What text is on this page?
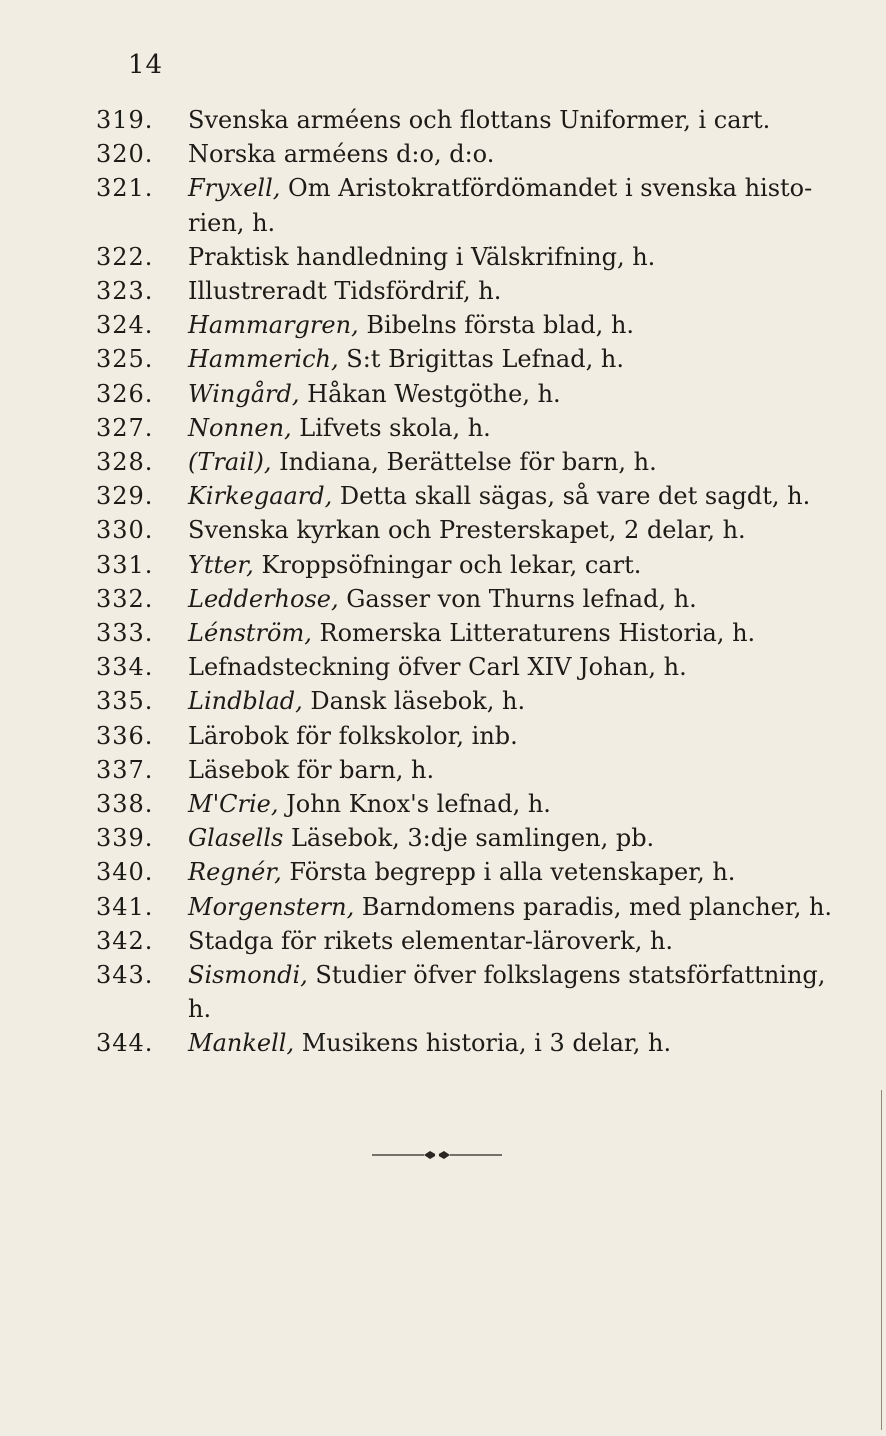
14
319.	Svenska arméens och flottans Uniformer, i cart.
320.	Norska arméens d:o, d:o.
321.	Fryxell, Om Aristokratfördömandet i svenska histo-
rien, h.
322.	Praktisk handledning i Välskrifning, h.
323.	Illustreradt Tidsfördrif, h.
324.	Hammargren, Bibelns första blad, h.
325.	Hammerich, S:t Brigittas Lefnad, h.
326.	Wingård, Håkan Westgöthe, h.
327.	Nonnen, Lifvets skola, h.
328.	(Trail), Indiana, Berättelse för barn, h.
329.	Kirkegaard, Detta skall sägas, så vare det sagdt, h.
330.	Svenska kyrkan och Presterskapet, 2 delar, h.
331.	Ytter, Kroppsöfningar och lekar, cart.
332.	Ledderhose, Gasser von Thurns lefnad, h.
333.	Lénström, Romerska Litteraturens Historia, h.
334.	Lefnadsteckning öfver Carl XIV Johan, h.
335.	Lindblad, Dansk läsebok, h.
336.	Lärobok för folkskolor, inb.
337.	Läsebok för barn, h.
338.	M'Crie, John Knox's lefnad, h.
339.	Glasells Läsebok, 3:dje samlingen, pb.
340.	Regnér, Första begrepp i alla vetenskaper, h.
341.	Morgenstern, Barndomens paradis, med plancher, h.
342.	Stadga för rikets elementar-läroverk, h.
343.	Sismondi, Studier öfver folkslagens statsförfattning, h.
344.	Mankell, Musikens historia, i 3 delar, h.
